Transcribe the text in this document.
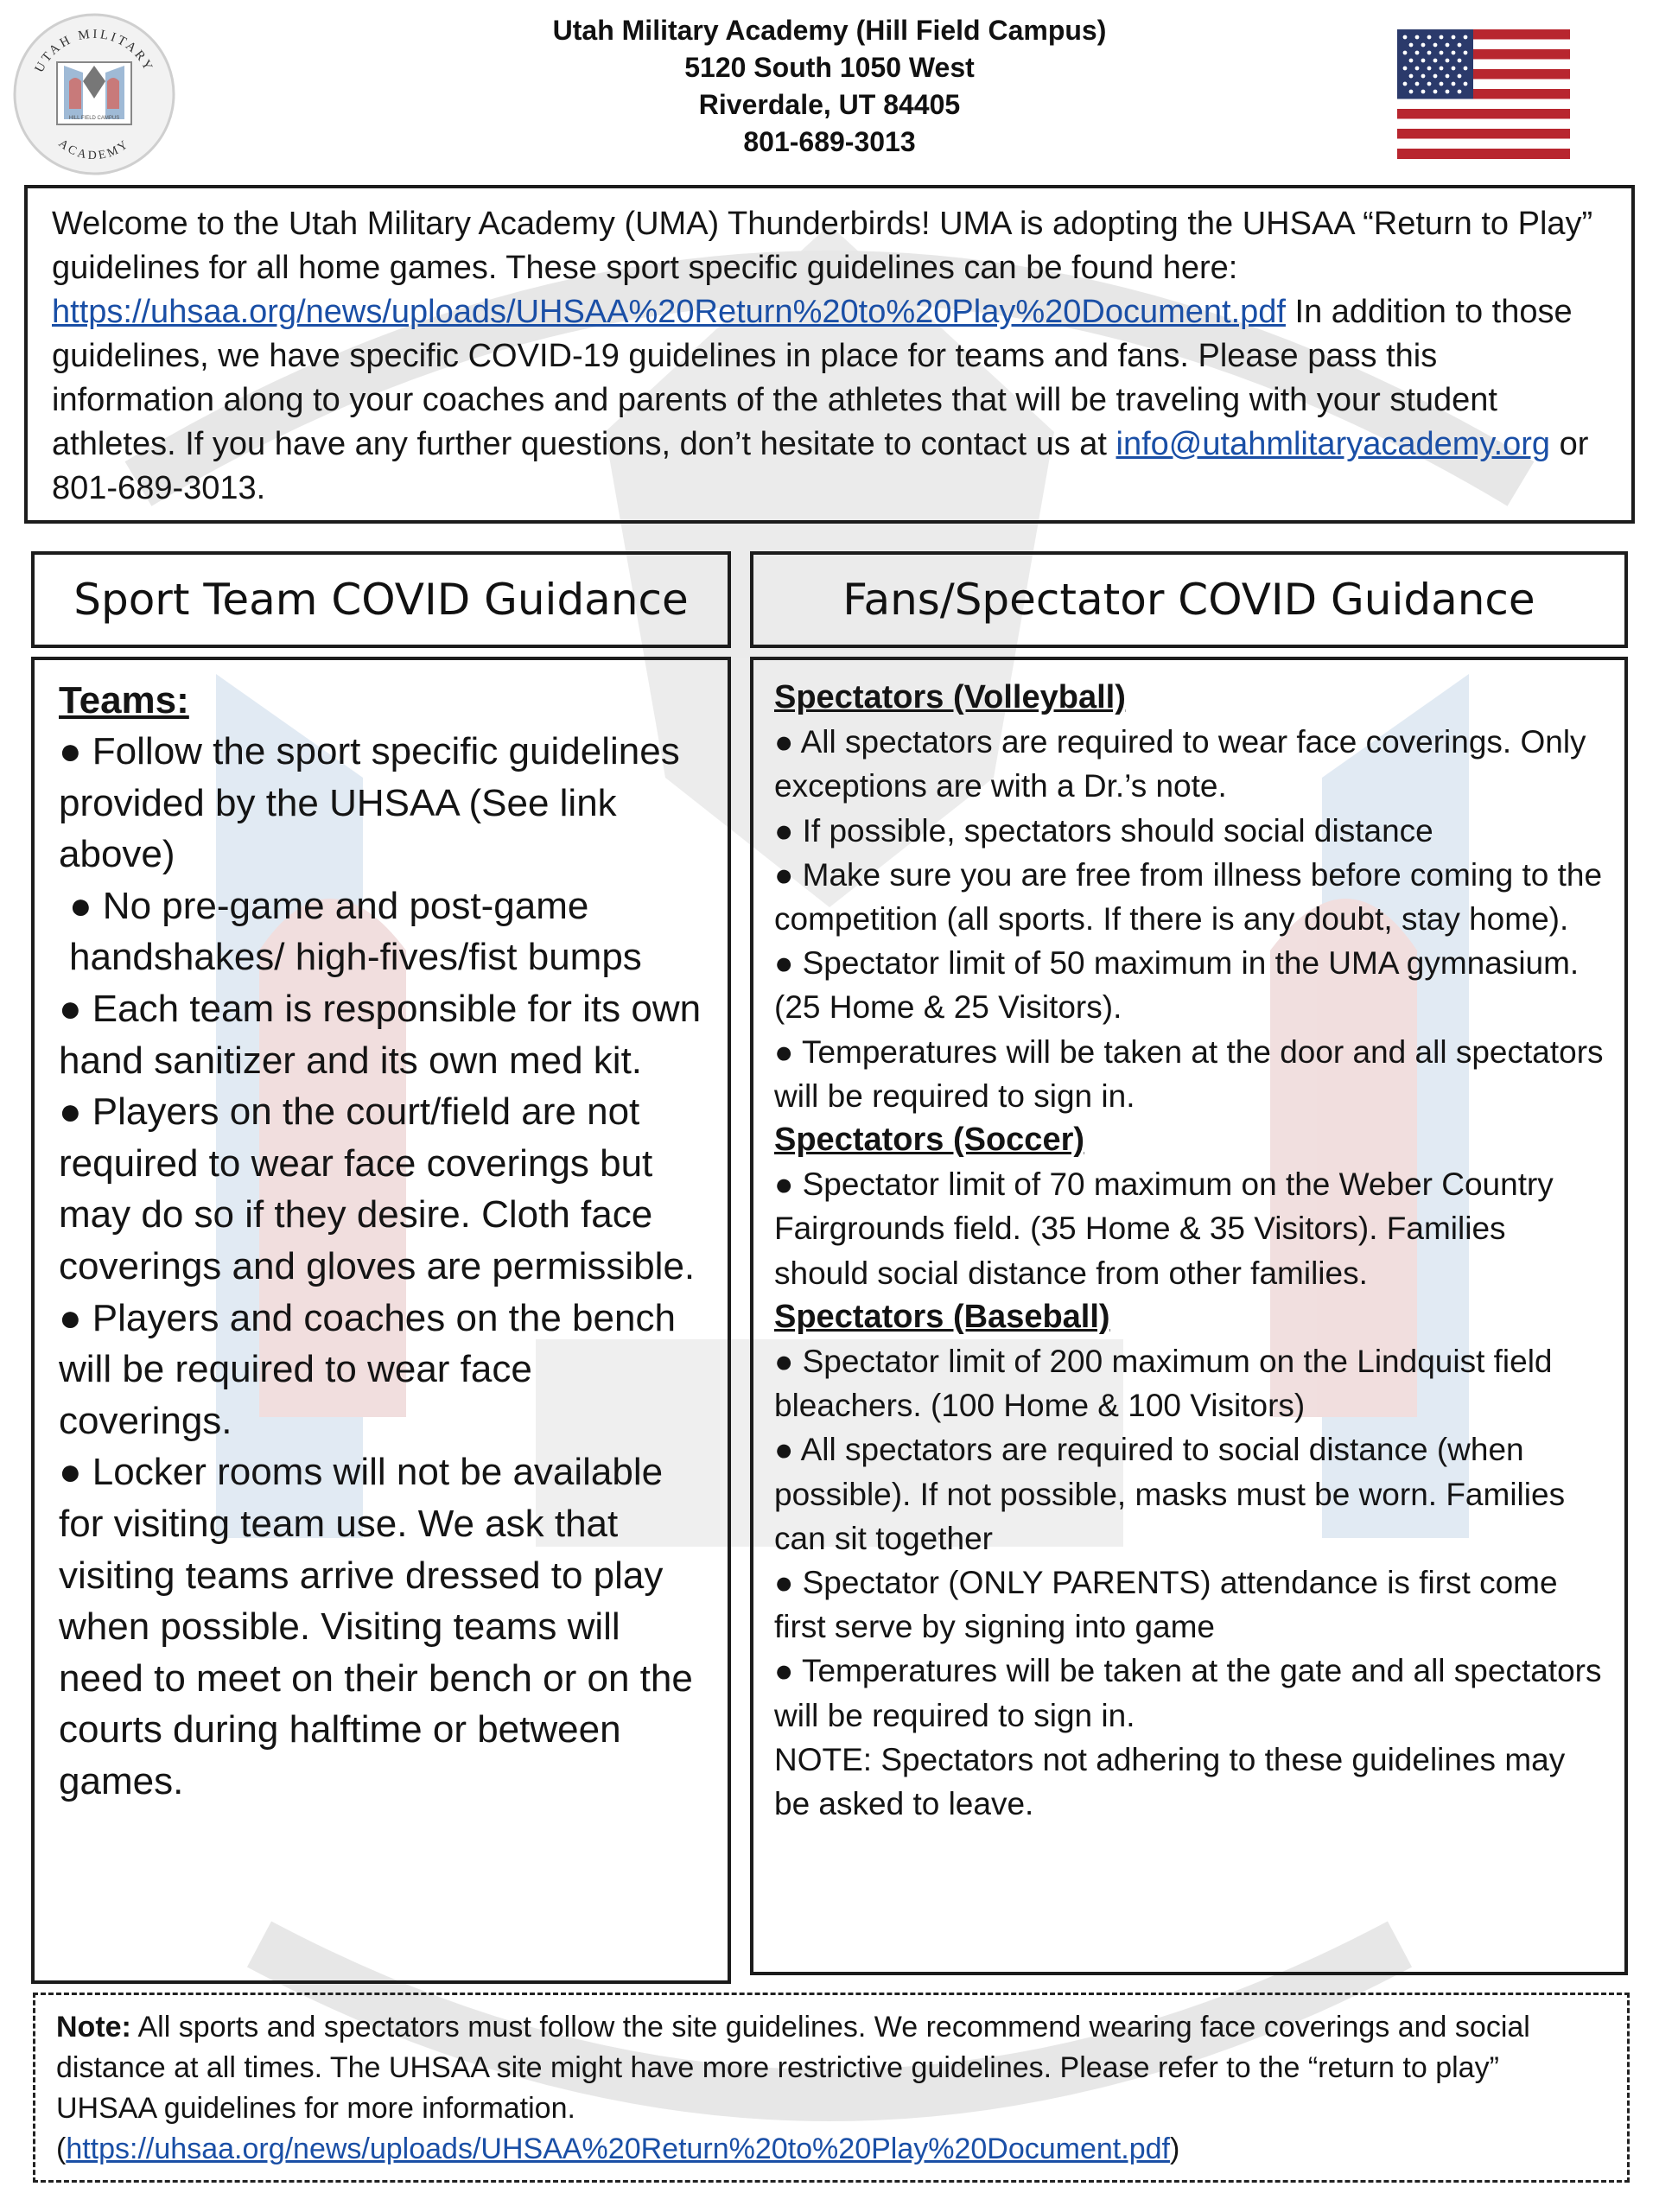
UTAH MILITARY
ACADEMY
HILL FIELD CAMPUS
Utah Military Academy (Hill Field Campus)
5120 South 1050 West
Riverdale, UT 84405
801-689-3013

Welcome to the Utah Military Academy (UMA) Thunderbirds! UMA is adopting the UHSAA “Return to Play” guidelines for all home games. These sport specific guidelines can be found here: https://uhsaa.org/news/uploads/UHSAA%20Return%20to%20Play%20Document.pdf In addition to those guidelines, we have specific COVID-19 guidelines in place for teams and fans. Please pass this information along to your coaches and parents of the athletes that will be traveling with your student athletes. If you have any further questions, don’t hesitate to contact us at info@utahmlitaryacademy.org or 801-689-3013.

Sport Team COVID Guidance	Fans/Spectator COVID Guidance

Teams:

● Follow the sport specific guidelines provided by the UHSAA (See link above)

● No pre-game and post-game handshakes/ high-fives/fist bumps

● Each team is responsible for its own hand sanitizer and its own med kit.

● Players on the court/field are not required to wear face coverings but may do so if they desire. Cloth face coverings and gloves are permissible.

● Players and coaches on the bench will be required to wear face coverings.

● Locker rooms will not be available for visiting team use. We ask that visiting teams arrive dressed to play when possible. Visiting teams will need to meet on their bench or on the courts during halftime or between games.

Spectators (Volleyball)

● All spectators are required to wear face coverings. Only exceptions are with a Dr.’s note.

● If possible, spectators should social distance

● Make sure you are free from illness before coming to the competition (all sports. If there is any doubt, stay home).

● Spectator limit of 50 maximum in the UMA gymnasium. (25 Home & 25 Visitors).

● Temperatures will be taken at the door and all spectators will be required to sign in.

Spectators (Soccer)

● Spectator limit of 70 maximum on the Weber Country Fairgrounds field. (35 Home & 35 Visitors). Families should social distance from other families.

Spectators (Baseball)

● Spectator limit of 200 maximum on the Lindquist field bleachers. (100 Home & 100 Visitors)

● All spectators are required to social distance (when possible). If not possible, masks must be worn. Families can sit together

● Spectator (ONLY PARENTS) attendance is first come first serve by signing into game

● Temperatures will be taken at the gate and all spectators will be required to sign in.

NOTE: Spectators not adhering to these guidelines may be asked to leave.

Note: All sports and spectators must follow the site guidelines. We recommend wearing face coverings and social distance at all times. The UHSAA site might have more restrictive guidelines. Please refer to the “return to play” UHSAA guidelines for more information.
(https://uhsaa.org/news/uploads/UHSAA%20Return%20to%20Play%20Document.pdf)
